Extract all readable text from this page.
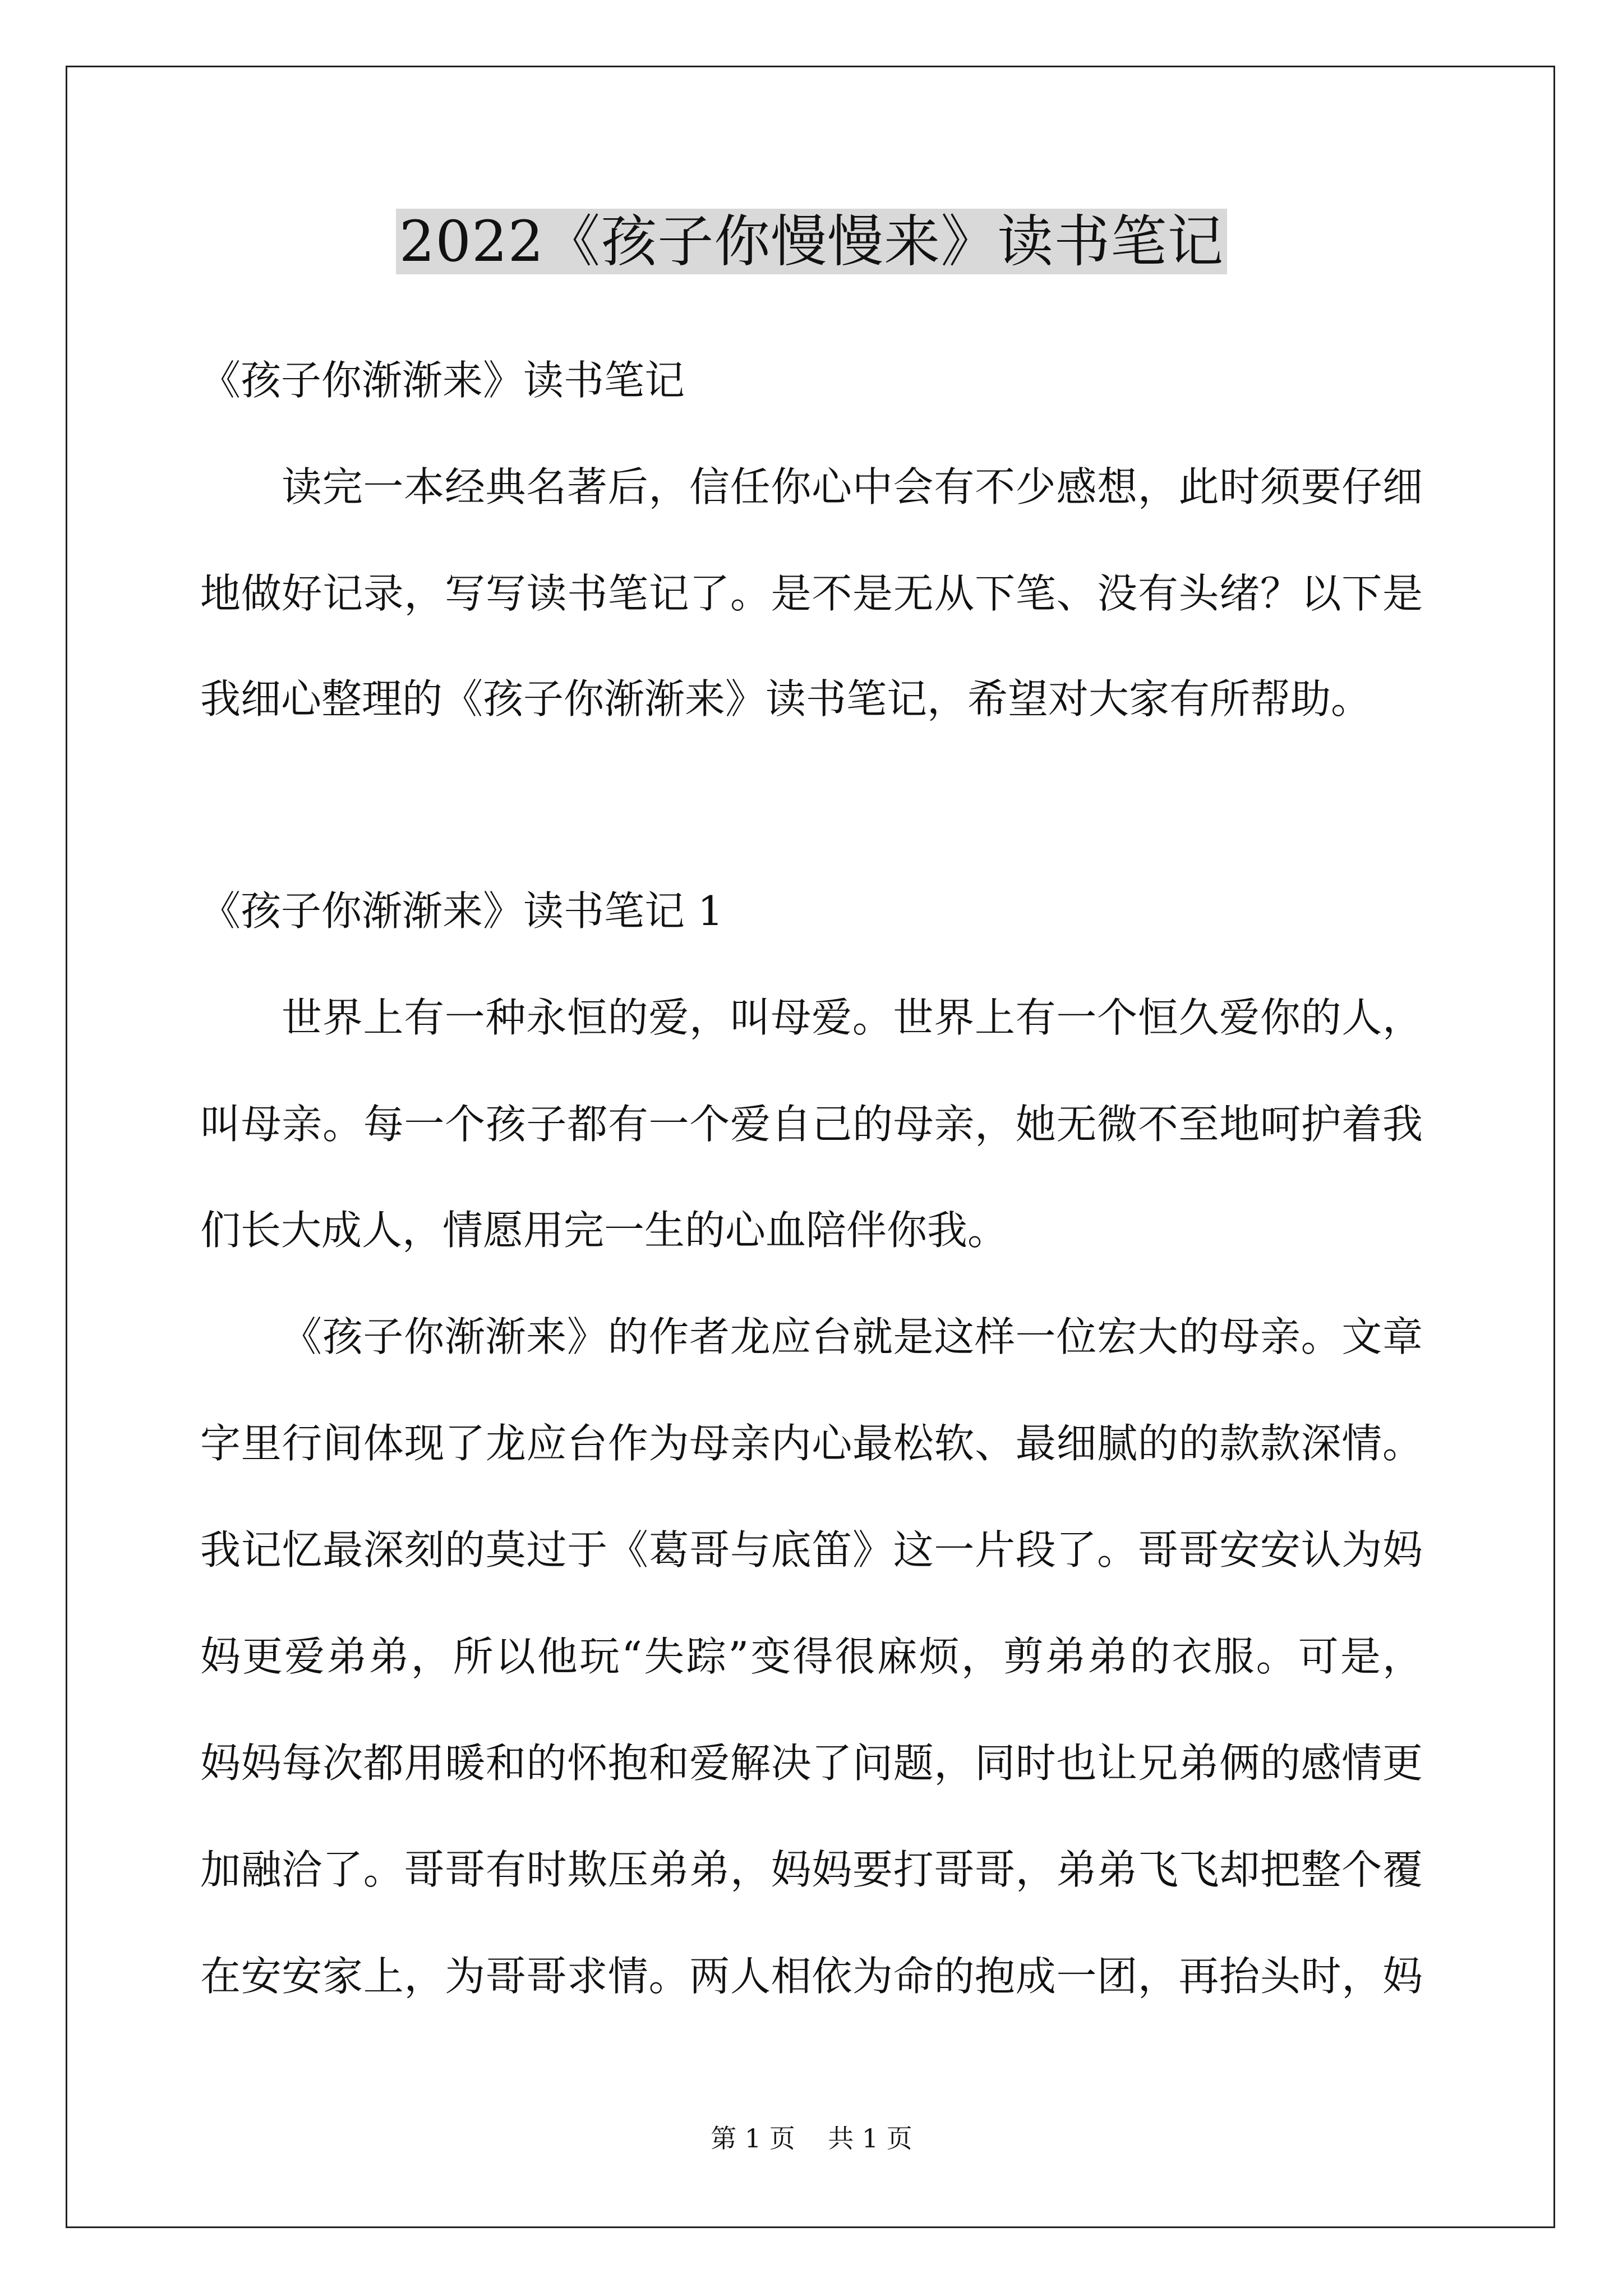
2022《孩子你慢慢来》读书笔记
《孩子你渐渐来》读书笔记
读完一本经典名著后，信任你心中会有不少感想，此时须要仔细
地做好记录，写写读书笔记了。是不是无从下笔、没有头绪？以下是
我细心整理的《孩子你渐渐来》读书笔记，希望对大家有所帮助。
《孩子你渐渐来》读书笔记 1
世界上有一种永恒的爱，叫母爱。世界上有一个恒久爱你的人，
叫母亲。每一个孩子都有一个爱自己的母亲，她无微不至地呵护着我
们长大成人，情愿用完一生的心血陪伴你我。
《孩子你渐渐来》的作者龙应台就是这样一位宏大的母亲。文章
字里行间体现了龙应台作为母亲内心最松软、最细腻的的款款深情。
我记忆最深刻的莫过于《葛哥与底笛》这一片段了。哥哥安安认为妈
妈更爱弟弟，所以他玩“失踪”变得很麻烦，剪弟弟的衣服。可是，
妈妈每次都用暖和的怀抱和爱解决了问题，同时也让兄弟俩的感情更
加融洽了。哥哥有时欺压弟弟，妈妈要打哥哥，弟弟飞飞却把整个覆
在安安家上，为哥哥求情。两人相依为命的抱成一团，再抬头时，妈
第 1 页    共 1 页
